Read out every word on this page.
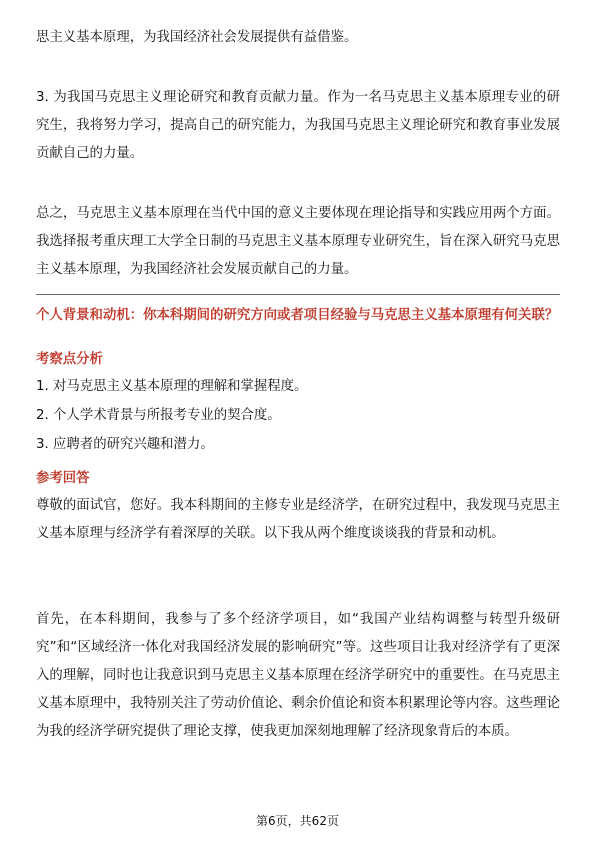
思主义基本原理，为我国经济社会发展提供有益借鉴。

3. 为我国马克思主义理论研究和教育贡献力量。作为一名马克思主义基本原理专业的研究生，我将努力学习，提高自己的研究能力，为我国马克思主义理论研究和教育事业发展贡献自己的力量。

总之，马克思主义基本原理在当代中国的意义主要体现在理论指导和实践应用两个方面。我选择报考重庆理工大学全日制的马克思主义基本原理专业研究生，旨在深入研究马克思主义基本原理，为我国经济社会发展贡献自己的力量。

个人背景和动机：你本科期间的研究方向或者项目经验与马克思主义基本原理有何关联？

考察点分析

1. 对马克思主义基本原理的理解和掌握程度。

2. 个人学术背景与所报考专业的契合度。

3. 应聘者的研究兴趣和潜力。

参考回答

尊敬的面试官，您好。我本科期间的主修专业是经济学，在研究过程中，我发现马克思主义基本原理与经济学有着深厚的关联。以下我从两个维度谈谈我的背景和动机。

首先，在本科期间，我参与了多个经济学项目，如“我国产业结构调整与转型升级研究”和“区域经济一体化对我国经济发展的影响研究”等。这些项目让我对经济学有了更深入的理解，同时也让我意识到马克思主义基本原理在经济学研究中的重要性。在马克思主义基本原理中，我特别关注了劳动价值论、剩余价值论和资本积累理论等内容。这些理论为我的经济学研究提供了理论支撑，使我更加深刻地理解了经济现象背后的本质。

第6页，共62页
